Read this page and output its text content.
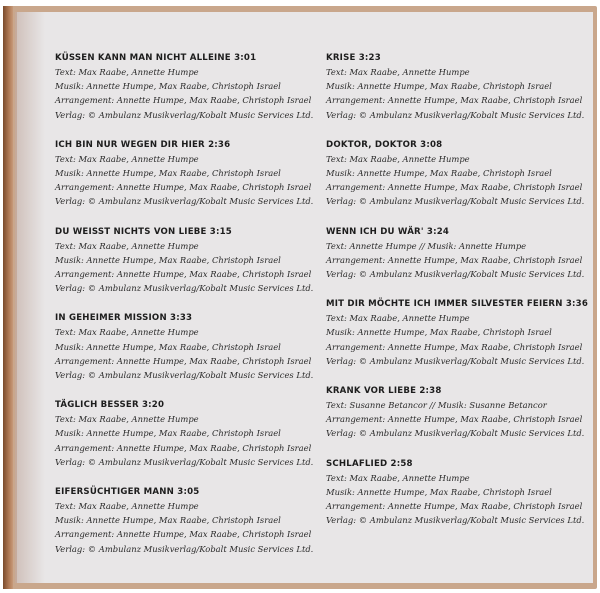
KÜSSEN KANN MAN NICHT ALLEINE 3:01
Text: Max Raabe, Annette Humpe
Musik: Annette Humpe, Max Raabe, Christoph Israel
Arrangement: Annette Humpe, Max Raabe, Christoph Israel
Verlag: © Ambulanz Musikverlag/Kobalt Music Services Ltd.
ICH BIN NUR WEGEN DIR HIER 2:36
Text: Max Raabe, Annette Humpe
Musik: Annette Humpe, Max Raabe, Christoph Israel
Arrangement: Annette Humpe, Max Raabe, Christoph Israel
Verlag: © Ambulanz Musikverlag/Kobalt Music Services Ltd.
DU WEISST NICHTS VON LIEBE 3:15
Text: Max Raabe, Annette Humpe
Musik: Annette Humpe, Max Raabe, Christoph Israel
Arrangement: Annette Humpe, Max Raabe, Christoph Israel
Verlag: © Ambulanz Musikverlag/Kobalt Music Services Ltd.
IN GEHEIMER MISSION 3:33
Text: Max Raabe, Annette Humpe
Musik: Annette Humpe, Max Raabe, Christoph Israel
Arrangement: Annette Humpe, Max Raabe, Christoph Israel
Verlag: © Ambulanz Musikverlag/Kobalt Music Services Ltd.
TÄGLICH BESSER 3:20
Text: Max Raabe, Annette Humpe
Musik: Annette Humpe, Max Raabe, Christoph Israel
Arrangement: Annette Humpe, Max Raabe, Christoph Israel
Verlag: © Ambulanz Musikverlag/Kobalt Music Services Ltd.
EIFERSÜCHTIGER MANN 3:05
Text: Max Raabe, Annette Humpe
Musik: Annette Humpe, Max Raabe, Christoph Israel
Arrangement: Annette Humpe, Max Raabe, Christoph Israel
Verlag: © Ambulanz Musikverlag/Kobalt Music Services Ltd.
KRISE 3:23
Text: Max Raabe, Annette Humpe
Musik: Annette Humpe, Max Raabe, Christoph Israel
Arrangement: Annette Humpe, Max Raabe, Christoph Israel
Verlag: © Ambulanz Musikverlag/Kobalt Music Services Ltd.
DOKTOR, DOKTOR 3:08
Text: Max Raabe, Annette Humpe
Musik: Annette Humpe, Max Raabe, Christoph Israel
Arrangement: Annette Humpe, Max Raabe, Christoph Israel
Verlag: © Ambulanz Musikverlag/Kobalt Music Services Ltd.
WENN ICH DU WÄR' 3:24
Text: Annette Humpe // Musik: Annette Humpe
Arrangement: Annette Humpe, Max Raabe, Christoph Israel
Verlag: © Ambulanz Musikverlag/Kobalt Music Services Ltd.
MIT DIR MÖCHTE ICH IMMER SILVESTER FEIERN 3:36
Text: Max Raabe, Annette Humpe
Musik: Annette Humpe, Max Raabe, Christoph Israel
Arrangement: Annette Humpe, Max Raabe, Christoph Israel
Verlag: © Ambulanz Musikverlag/Kobalt Music Services Ltd.
KRANK VOR LIEBE 2:38
Text: Susanne Betancor // Musik: Susanne Betancor
Arrangement: Annette Humpe, Max Raabe, Christoph Israel
Verlag: © Ambulanz Musikverlag/Kobalt Music Services Ltd.
SCHLAFLIED 2:58
Text: Max Raabe, Annette Humpe
Musik: Annette Humpe, Max Raabe, Christoph Israel
Arrangement: Annette Humpe, Max Raabe, Christoph Israel
Verlag: © Ambulanz Musikverlag/Kobalt Music Services Ltd.
